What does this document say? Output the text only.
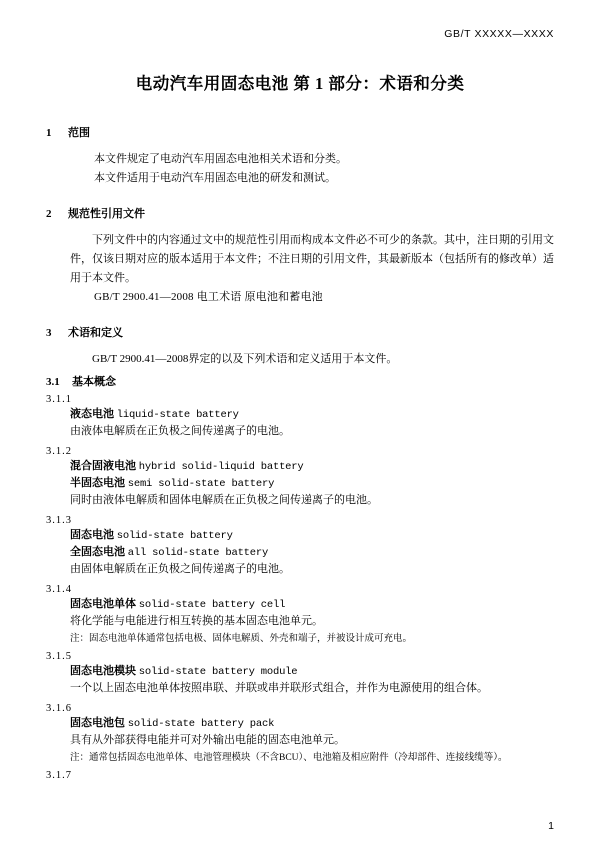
GB/T XXXXX—XXXX
电动汽车用固态电池 第 1 部分：术语和分类
1 范围
本文件规定了电动汽车用固态电池相关术语和分类。
本文件适用于电动汽车用固态电池的研发和测试。
2 规范性引用文件
下列文件中的内容通过文中的规范性引用而构成本文件必不可少的条款。其中，注日期的引用文件，仅该日期对应的版本适用于本文件；不注日期的引用文件，其最新版本（包括所有的修改单）适用于本文件。
GB/T 2900.41—2008 电工术语 原电池和蓄电池
3 术语和定义
GB/T 2900.41—2008界定的以及下列术语和定义适用于本文件。
3.1 基本概念
3.1.1
液态电池 liquid-state battery
由液体电解质在正负极之间传递离子的电池。
3.1.2
混合固液电池 hybrid solid-liquid battery
半固态电池 semi solid-state battery
同时由液体电解质和固体电解质在正负极之间传递离子的电池。
3.1.3
固态电池 solid-state battery
全固态电池 all solid-state battery
由固体电解质在正负极之间传递离子的电池。
3.1.4
固态电池单体 solid-state battery cell
将化学能与电能进行相互转换的基本固态电池单元。
注：固态电池单体通常包括电极、固体电解质、外壳和端子，并被设计成可充电。
3.1.5
固态电池模块 solid-state battery module
一个以上固态电池单体按照串联、并联或串并联形式组合，并作为电源使用的组合体。
3.1.6
固态电池包 solid-state battery pack
具有从外部获得电能并可对外输出电能的固态电池单元。
注：通常包括固态电池单体、电池管理模块（不含BCU）、电池箱及相应附件（冷却部件、连接线缆等）。
3.1.7
1
